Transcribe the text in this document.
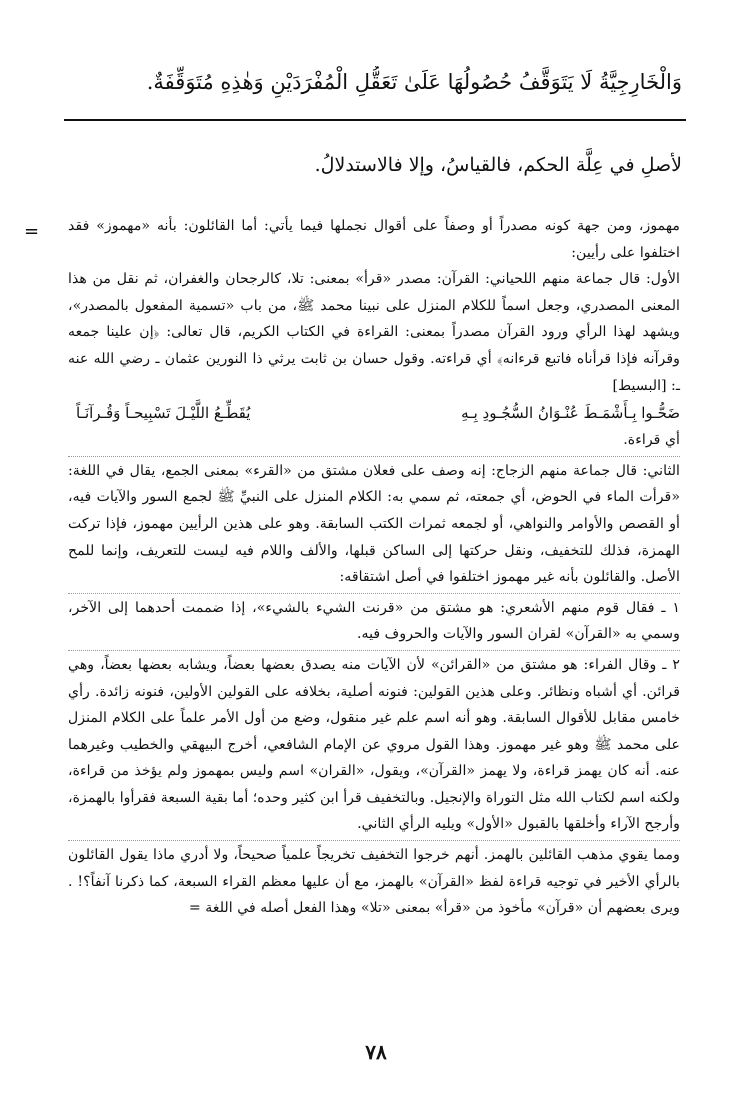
وَالْخَارِجِيَّةُ لَا يَتَوَقَّفُ حُصُولُهَا عَلَىٰ تَعَقُّلِ الْمُفْرَدَيْنِ وَهٰذِهِ مُتَوَقِّفَةٌ.
لأصلِ في عِلَّة الحكم، فالقياسُ، وإلا فالاستدلالُ.
= مهموز، ومن جهة كونه مصدراً أو وصفاً على أقوال نجملها فيما يأتي: أما القائلون: بأنه «مهموز» فقد اختلفوا على رأيين:

الأول: قال جماعة منهم اللحياني: القرآن: مصدر «قرأ» بمعنى: تلا، كالرجحان والغفران، ثم نقل من هذا المعنى المصدري، وجعل اسماً للكلام المنزل على نبينا محمد ﷺ، من باب «تسمية المفعول بالمصدر»، ويشهد لهذا الرأي ورود القرآن مصدراً بمعنى: القراءة في الكتاب الكريم، قال تعالى: ﴿إن علينا جمعه وقرآنه فإذا قرأناه فاتبع قرءانه﴾ أي قراءته. وقول حسان بن ثابت يرثي ذا النورين عثمان ـ رضي الله عنه ـ: [البسيط]

ضَحُّـوا بِـأَشْمَـطَ عُنْـوَانُ السُّجُـودِ بِـهِ
يُقَطِّـعُ اللَّيْـلَ تَسْبِيحـاً وَقُـرآنَـاً

أي قراءة.

الثاني: قال جماعة منهم الزجاج: إنه وصف على فعلان مشتق من «القرء» بمعنى الجمع، يقال في اللغة: «قرأت الماء في الحوض، أي جمعته، ثم سمي به: الكلام المنزل على النبيِّ ﷺ لجمع السور والآيات فيه، أو القصص والأوامر والنواهي، أو لجمعه ثمرات الكتب السابقة. وهو على هذين الرأيين مهموز، فإذا تركت الهمزة، فذلك للتخفيف، ونقل حركتها إلى الساكن قبلها، والألف واللام فيه ليست للتعريف، وإنما للمح الأصل. والقائلون بأنه غير مهموز اختلفوا في أصل اشتقاقه:

١ ـ فقال قوم منهم الأشعري: هو مشتق من «قرنت الشيء بالشيء»، إذا ضممت أحدهما إلى الآخر، وسمي به «القرآن» لقران السور والآيات والحروف فيه.

٢ ـ وقال الفراء: هو مشتق من «القرائن» لأن الآيات منه يصدق بعضها بعضاً، ويشابه بعضها بعضاً، وهي قرائن. أي أشباه ونظائر. وعلى هذين القولين: فنونه أصلية، بخلافه على القولين الأولين، فنونه زائدة. رأي خامس مقابل للأقوال السابقة. وهو أنه اسم علم غير منقول، وضع من أول الأمر علماً على الكلام المنزل على محمد ﷺ وهو غير مهموز. وهذا القول مروي عن الإمام الشافعي، أخرج البيهقي والخطيب وغيرهما عنه. أنه كان يهمز قراءة، ولا يهمز «القرآن»، ويقول، «القران» اسم وليس بمهموز ولم يؤخذ من قراءة، ولكنه اسم لكتاب الله مثل التوراة والإنجيل. وبالتخفيف قرأ ابن كثير وحده؛ أما بقية السبعة فقرأوا بالهمزة، وأرجح الآراء وأخلقها بالقبول «الأول» ويليه الرأي الثاني.

ومما يقوي مذهب القائلين بالهمز. أنهم خرجوا التخفيف تخريجاً علمياً صحيحاً، ولا أدري ماذا يقول القائلون بالرأي الأخير في توجيه قراءة لفظ «القرآن» بالهمز، مع أن عليها معظم القراء السبعة، كما ذكرنا آنفاً؟! . ويرى بعضهم أن «قرآن» مأخوذ من «قرأ» بمعنى «تلا» وهذا الفعل أصله في اللغة =

٧٨
